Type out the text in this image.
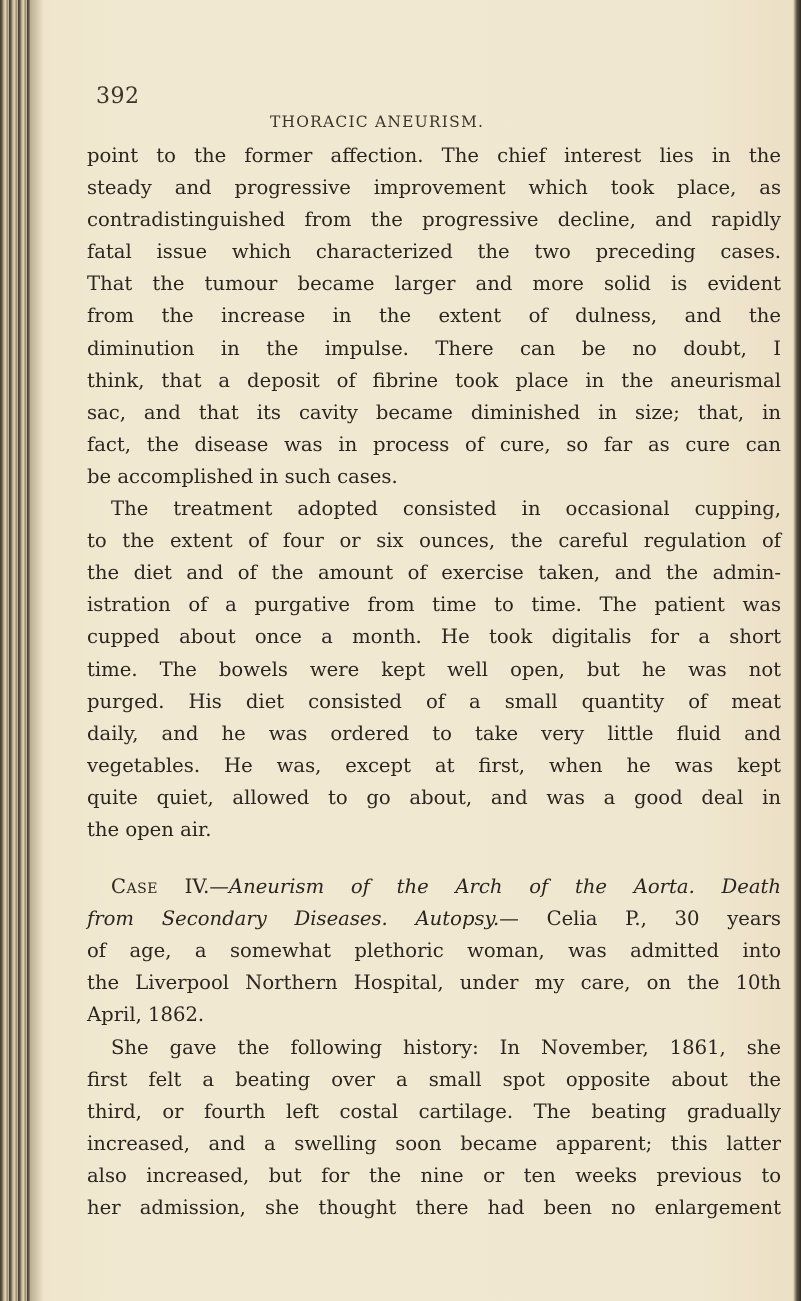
392
THORACIC ANEURISM.
point to the former affection. The chief interest lies in the
steady and progressive improvement which took place, as
contradistinguished from the progressive decline, and rapidly
fatal issue which characterized the two preceding cases.
That the tumour became larger and more solid is evident
from the increase in the extent of dulness, and the
diminution in the impulse. There can be no doubt, I
think, that a deposit of fibrine took place in the aneurismal
sac, and that its cavity became diminished in size; that, in
fact, the disease was in process of cure, so far as cure can
be accomplished in such cases.
The treatment adopted consisted in occasional cupping,
to the extent of four or six ounces, the careful regulation of
the diet and of the amount of exercise taken, and the admin-
istration of a purgative from time to time. The patient was
cupped about once a month. He took digitalis for a short
time. The bowels were kept well open, but he was not
purged. His diet consisted of a small quantity of meat
daily, and he was ordered to take very little fluid and
vegetables. He was, except at first, when he was kept
quite quiet, allowed to go about, and was a good deal in
the open air.
Case IV.—Aneurism of the Arch of the Aorta. Death
from Secondary Diseases. Autopsy.— Celia P., 30 years
of age, a somewhat plethoric woman, was admitted into
the Liverpool Northern Hospital, under my care, on the 10th
April, 1862.
She gave the following history: In November, 1861, she
first felt a beating over a small spot opposite about the
third, or fourth left costal cartilage. The beating gradually
increased, and a swelling soon became apparent; this latter
also increased, but for the nine or ten weeks previous to
her admission, she thought there had been no enlargement
